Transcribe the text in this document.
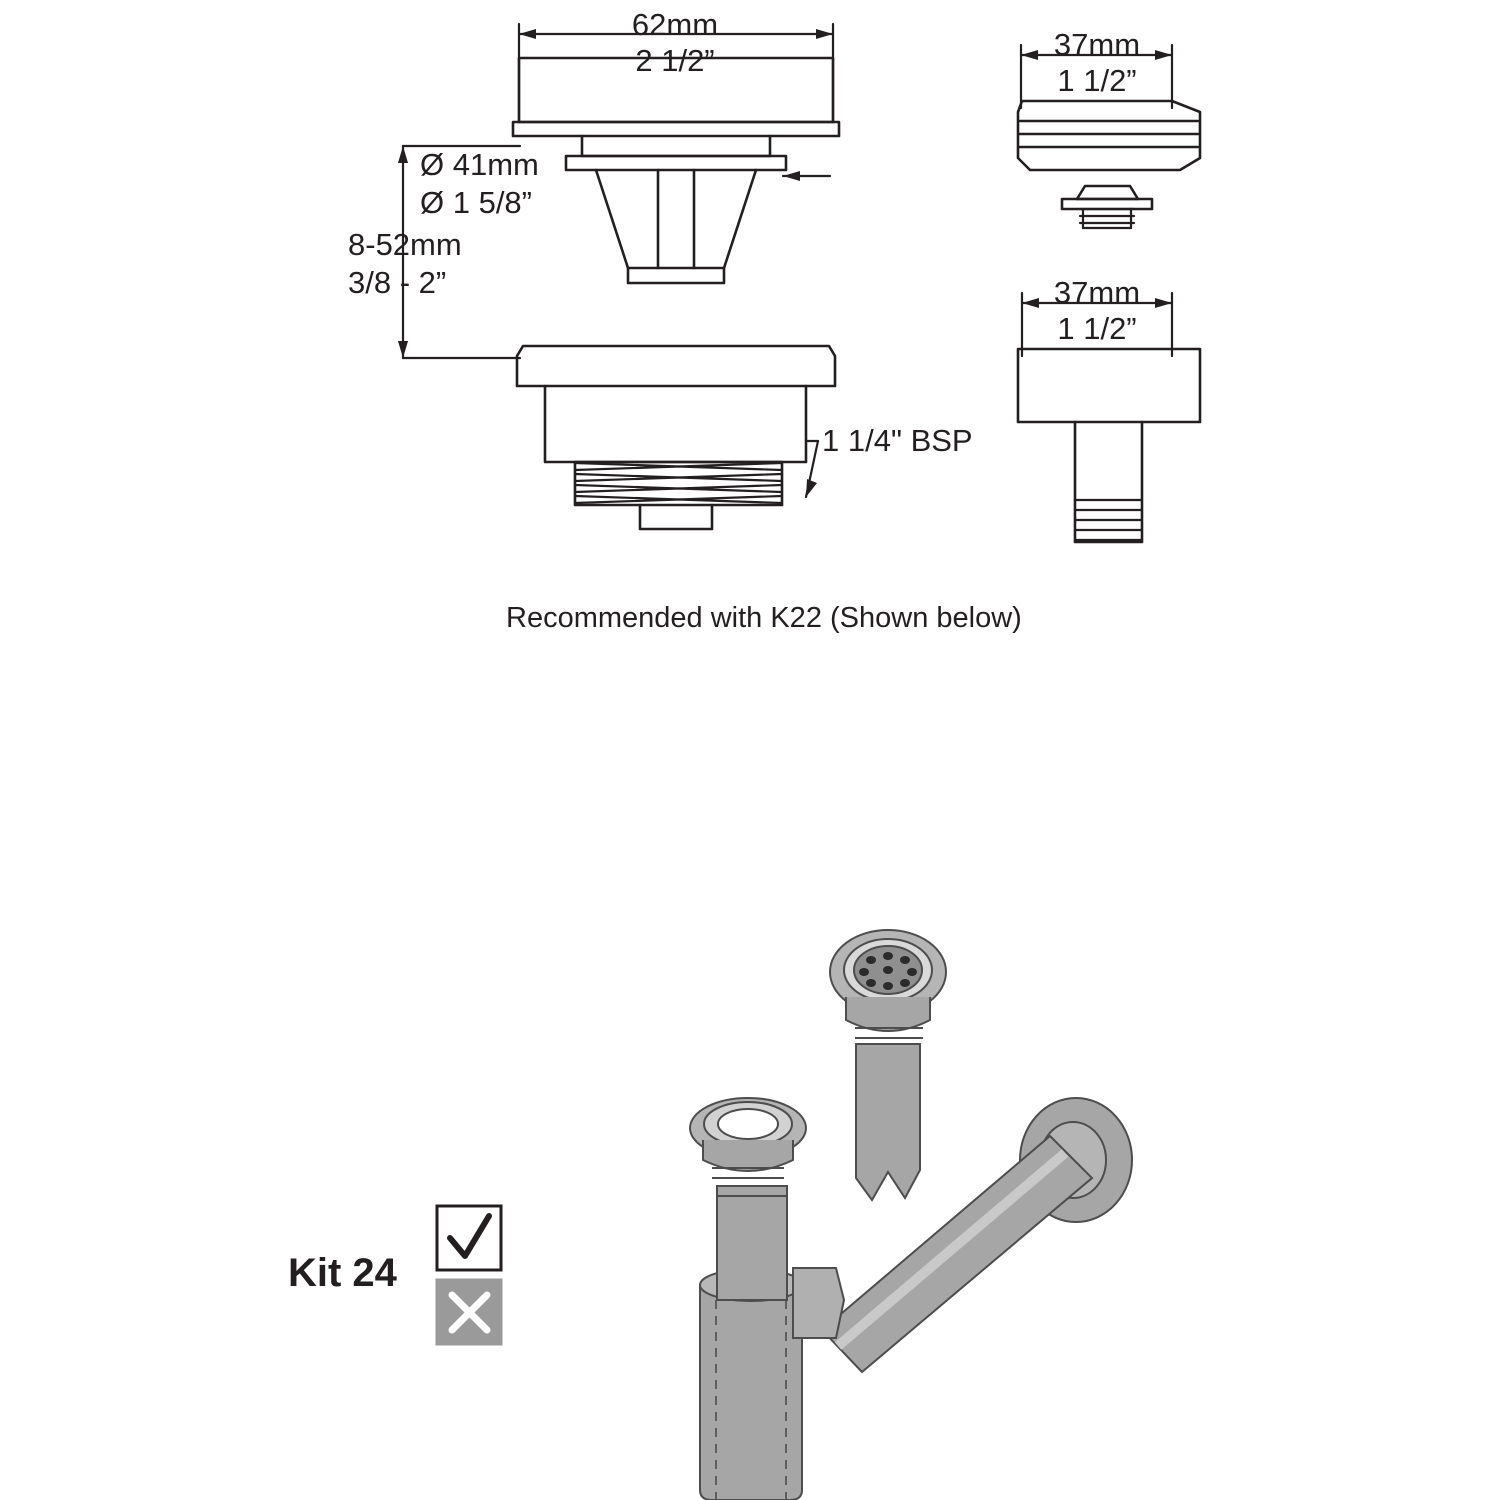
62mm
2 1/2”
Ø 41mm
Ø 1 5/8”
8-52mm
3/8 - 2”
1 1/4" BSP
37mm
1 1/2”
37mm
1 1/2”
Recommended with K22 (Shown below)
Kit 24
